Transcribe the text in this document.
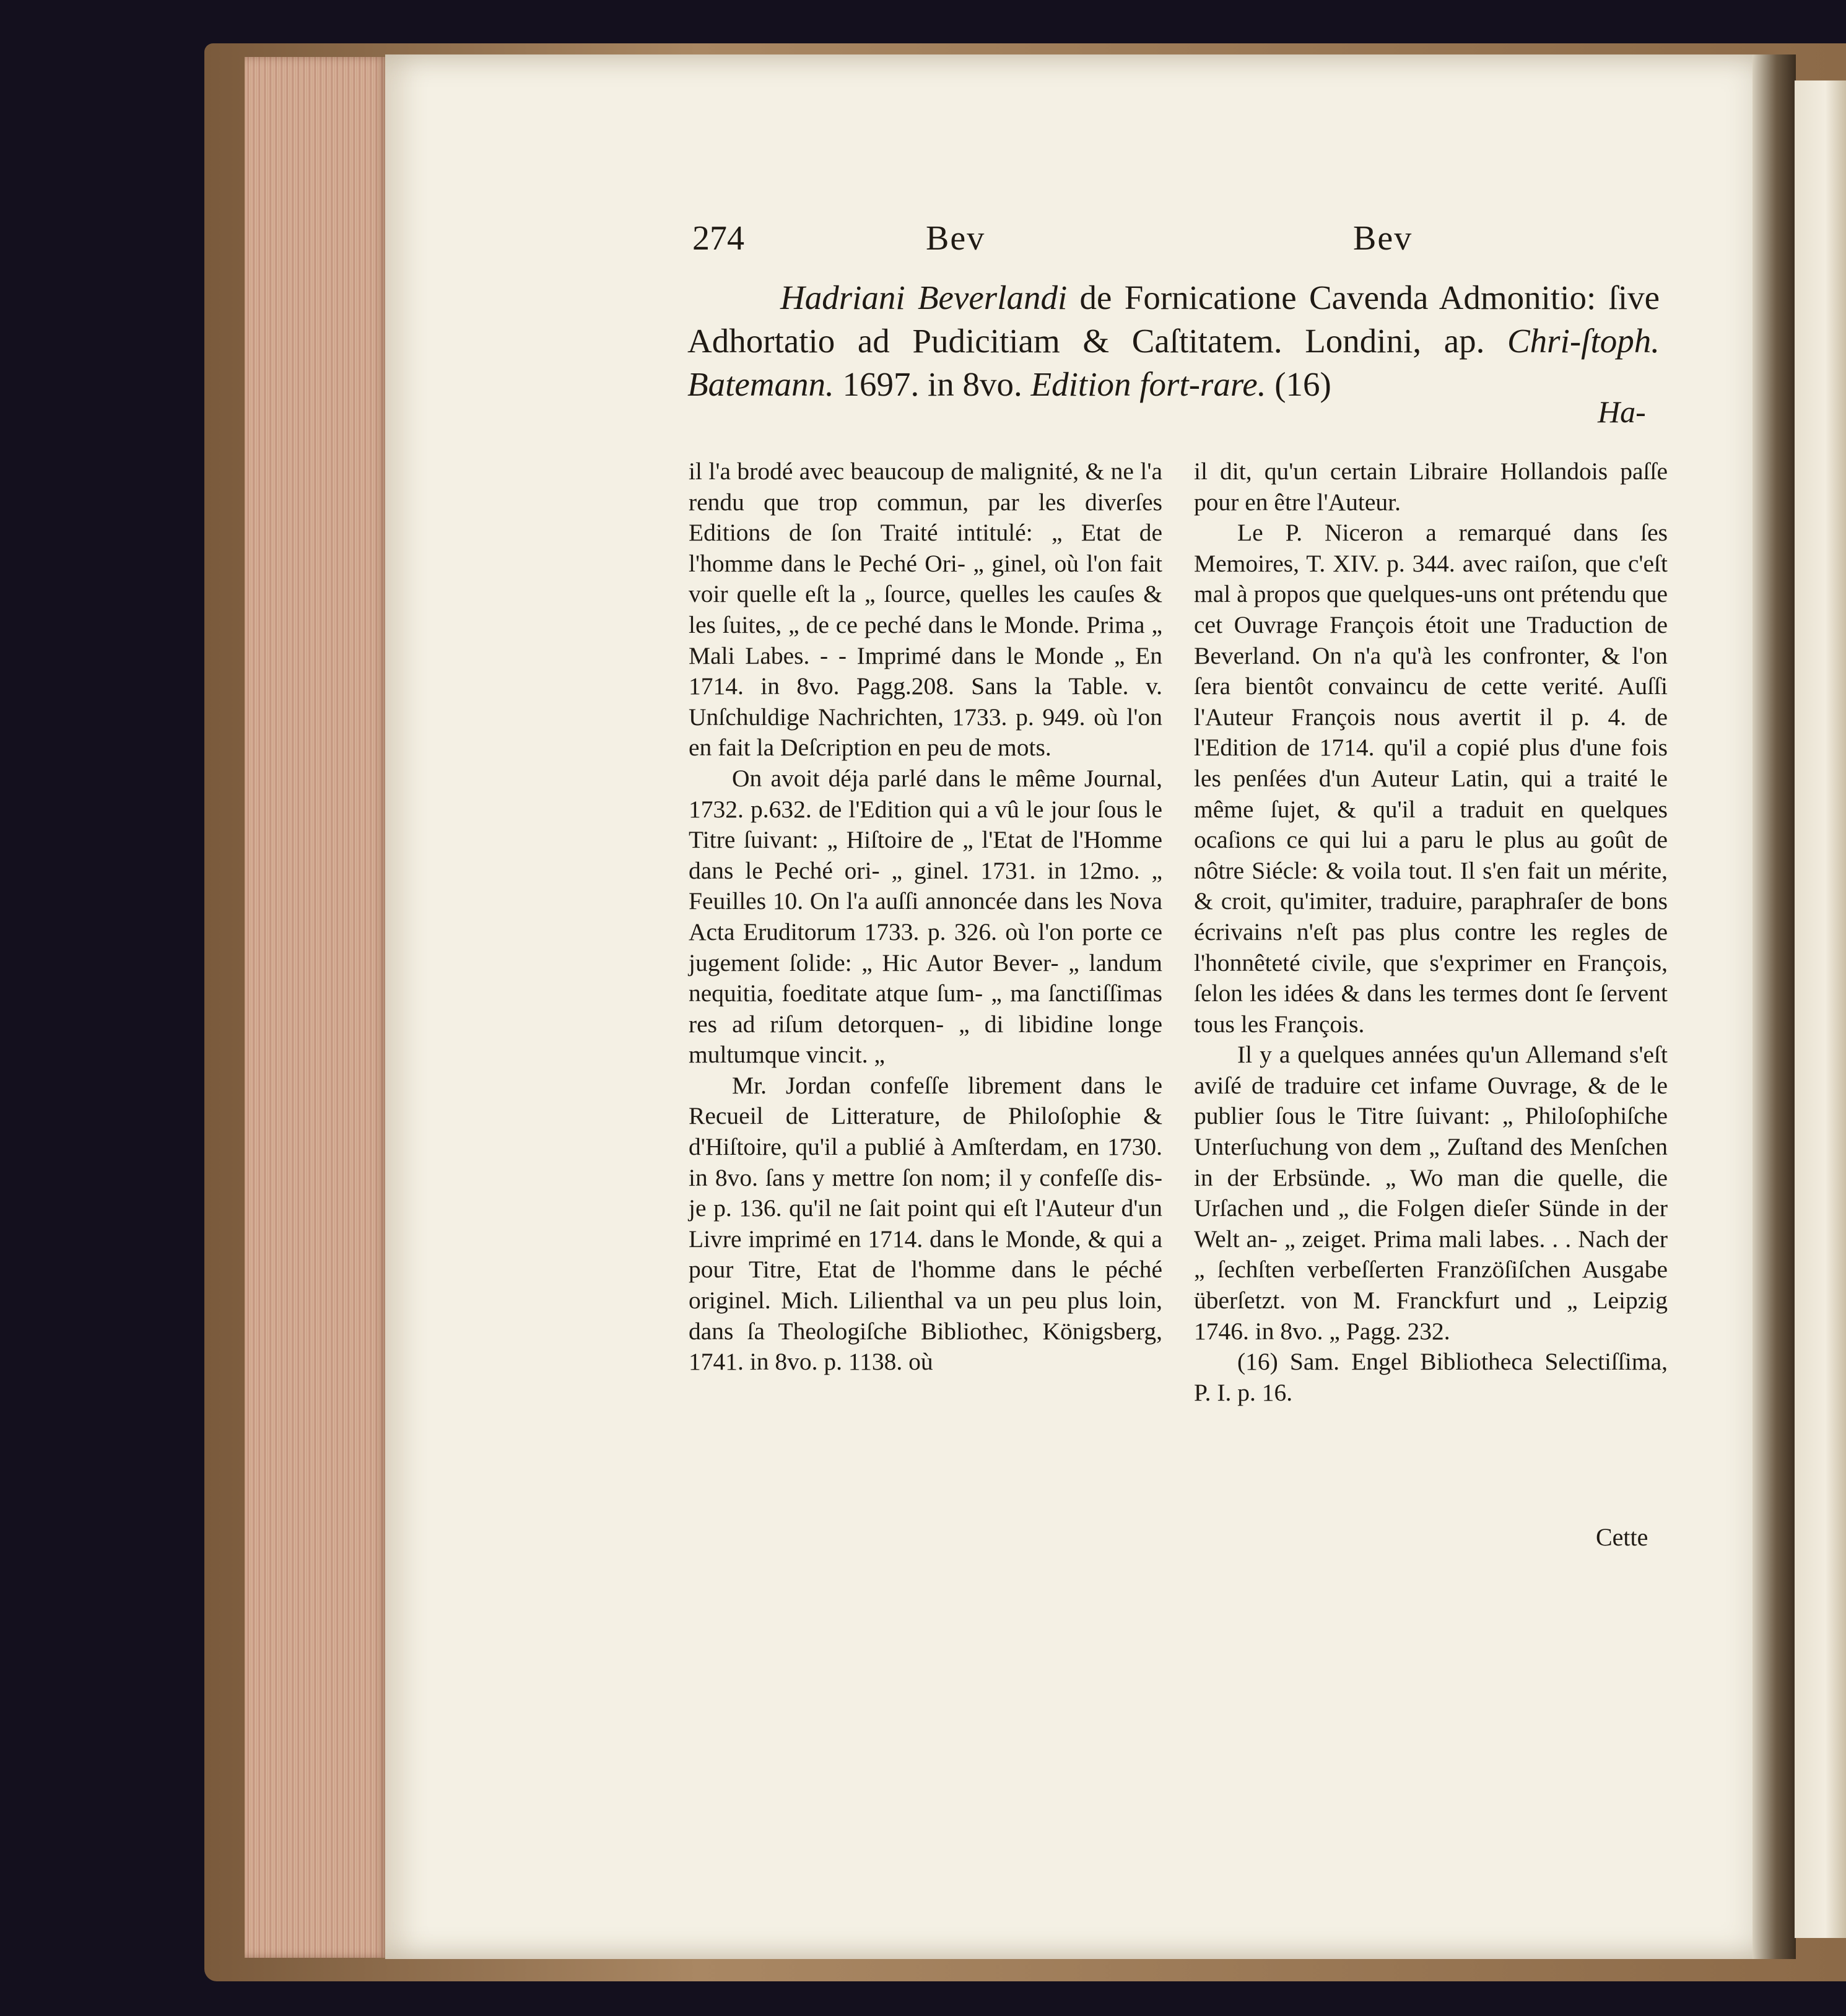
274	Bev	Bev

Hadriani Beverlandi de Fornicatione Cavenda Admonitio: ſive Adhortatio ad Pudicitiam & Caſtitatem. Londini, ap. Chri-ſtoph. Batemann. 1697. in 8vo. Edition fort-rare. (16)

Ha-

il l'a brodé avec beaucoup de malignité, & ne l'a rendu que trop commun, par les diverſes Editions de ſon Traité intitulé: „ Etat de l'homme dans le Peché Ori- „ ginel, où l'on fait voir quelle eſt la „ ſource, quelles les cauſes & les ſuites, „ de ce peché dans le Monde. Prima „ Mali Labes. - - Imprimé dans le Monde „ En 1714. in 8vo. Pagg.208. Sans la Table. v. Unſchuldige Nachrichten, 1733. p. 949. où l'on en fait la Deſcription en peu de mots.

On avoit déja parlé dans le même Journal, 1732. p.632. de l'Edition qui a vû le jour ſous le Titre ſuivant: „ Hiſtoire de „ l'Etat de l'Homme dans le Peché ori- „ ginel. 1731. in 12mo. „ Feuilles 10. On l'a auſſi annoncée dans les Nova Acta Eruditorum 1733. p. 326. où l'on porte ce jugement ſolide: „ Hic Autor Bever- „ landum nequitia, foeditate atque ſum- „ ma ſanctiſſimas res ad riſum detorquen- „ di libidine longe multumque vincit. „

Mr. Jordan confeſſe librement dans le Recueil de Litterature, de Philoſophie & d'Hiſtoire, qu'il a publié à Amſterdam, en 1730. in 8vo. ſans y mettre ſon nom; il y confeſſe dis-je p. 136. qu'il ne ſait point qui eſt l'Auteur d'un Livre imprimé en 1714. dans le Monde, & qui a pour Titre, Etat de l'homme dans le péché originel. Mich. Lilienthal va un peu plus loin, dans ſa Theologiſche Bibliothec, Königsberg, 1741. in 8vo. p. 1138. où

il dit, qu'un certain Libraire Hollandois paſſe pour en être l'Auteur.

Le P. Niceron a remarqué dans ſes Memoires, T. XIV. p. 344. avec raiſon, que c'eſt mal à propos que quelques-uns ont prétendu que cet Ouvrage François étoit une Traduction de Beverland. On n'a qu'à les confronter, & l'on ſera bientôt convaincu de cette verité. Auſſi l'Auteur François nous avertit il p. 4. de l'Edition de 1714. qu'il a copié plus d'une fois les penſées d'un Auteur Latin, qui a traité le même ſujet, & qu'il a traduit en quelques ocaſions ce qui lui a paru le plus au goût de nôtre Siécle: & voila tout. Il s'en fait un mérite, & croit, qu'imiter, traduire, paraphraſer de bons écrivains n'eſt pas plus contre les regles de l'honnêteté civile, que s'exprimer en François, ſelon les idées & dans les termes dont ſe ſervent tous les François.

Il y a quelques années qu'un Allemand s'eſt aviſé de traduire cet infame Ouvrage, & de le publier ſous le Titre ſuivant: „ Philoſophiſche Unterſuchung von dem „ Zuſtand des Menſchen in der Erbsünde. „ Wo man die quelle, die Urſachen und „ die Folgen dieſer Sünde in der Welt an- „ zeiget. Prima mali labes. . . Nach der „ ſechſten verbeſſerten Franzöſiſchen Ausgabe überſetzt. von M. Franckfurt und „ Leipzig 1746. in 8vo. „ Pagg. 232.

(16) Sam. Engel Bibliotheca Selectiſſima, P. I. p. 16.

Cette
